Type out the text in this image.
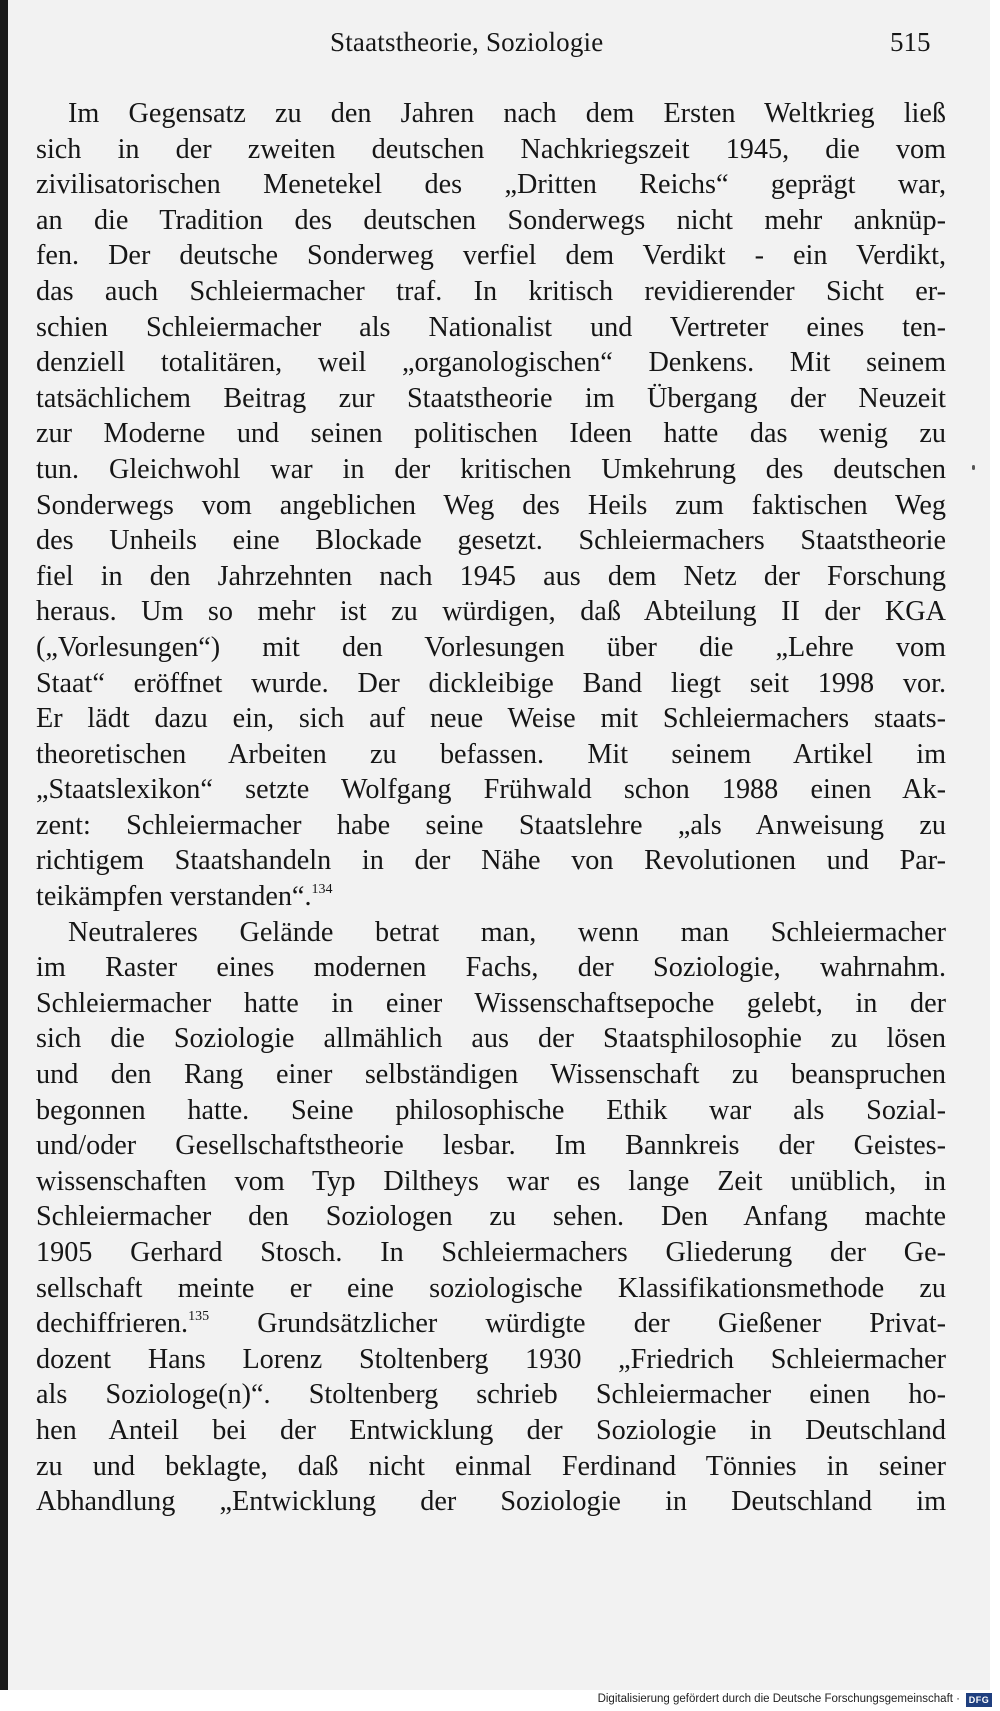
Staatstheorie, Soziologie	515
Im Gegensatz zu den Jahren nach dem Ersten Weltkrieg ließ
sich in der zweiten deutschen Nachkriegszeit 1945, die vom
zivilisatorischen Menetekel des „Dritten Reichs“ geprägt war,
an die Tradition des deutschen Sonderwegs nicht mehr anknüp-
fen. Der deutsche Sonderweg verfiel dem Verdikt - ein Verdikt,
das auch Schleiermacher traf. In kritisch revidierender Sicht er-
schien Schleiermacher als Nationalist und Vertreter eines ten-
denziell totalitären, weil „organologischen“ Denkens. Mit seinem
tatsächlichem Beitrag zur Staatstheorie im Übergang der Neuzeit
zur Moderne und seinen politischen Ideen hatte das wenig zu
tun. Gleichwohl war in der kritischen Umkehrung des deutschen
Sonderwegs vom angeblichen Weg des Heils zum faktischen Weg
des Unheils eine Blockade gesetzt. Schleiermachers Staatstheorie
fiel in den Jahrzehnten nach 1945 aus dem Netz der Forschung
heraus. Um so mehr ist zu würdigen, daß Abteilung II der KGA
(„Vorlesungen“) mit den Vorlesungen über die „Lehre vom
Staat“ eröffnet wurde. Der dickleibige Band liegt seit 1998 vor.
Er lädt dazu ein, sich auf neue Weise mit Schleiermachers staats-
theoretischen Arbeiten zu befassen. Mit seinem Artikel im
„Staatslexikon“ setzte Wolfgang Frühwald schon 1988 einen Ak-
zent: Schleiermacher habe seine Staatslehre „als Anweisung zu
richtigem Staatshandeln in der Nähe von Revolutionen und Par-
teikämpfen verstanden“.$^{134}$
Neutraleres Gelände betrat man, wenn man Schleiermacher
im Raster eines modernen Fachs, der Soziologie, wahrnahm.
Schleiermacher hatte in einer Wissenschaftsepoche gelebt, in der
sich die Soziologie allmählich aus der Staatsphilosophie zu lösen
und den Rang einer selbständigen Wissenschaft zu beanspruchen
begonnen hatte. Seine philosophische Ethik war als Sozial-
und/oder Gesellschaftstheorie lesbar. Im Bannkreis der Geistes-
wissenschaften vom Typ Diltheys war es lange Zeit unüblich, in
Schleiermacher den Soziologen zu sehen. Den Anfang machte
1905 Gerhard Stosch. In Schleiermachers Gliederung der Ge-
sellschaft meinte er eine soziologische Klassifikationsmethode zu
dechiffrieren.$^{135}$ Grundsätzlicher würdigte der Gießener Privat-
dozent Hans Lorenz Stoltenberg 1930 „Friedrich Schleiermacher
als Soziologe(n)“. Stoltenberg schrieb Schleiermacher einen ho-
hen Anteil bei der Entwicklung der Soziologie in Deutschland
zu und beklagte, daß nicht einmal Ferdinand Tönnies in seiner
Abhandlung „Entwicklung der Soziologie in Deutschland im
Digitalisierung gefördert durch die Deutsche Forschungsgemeinschaft · DFG
